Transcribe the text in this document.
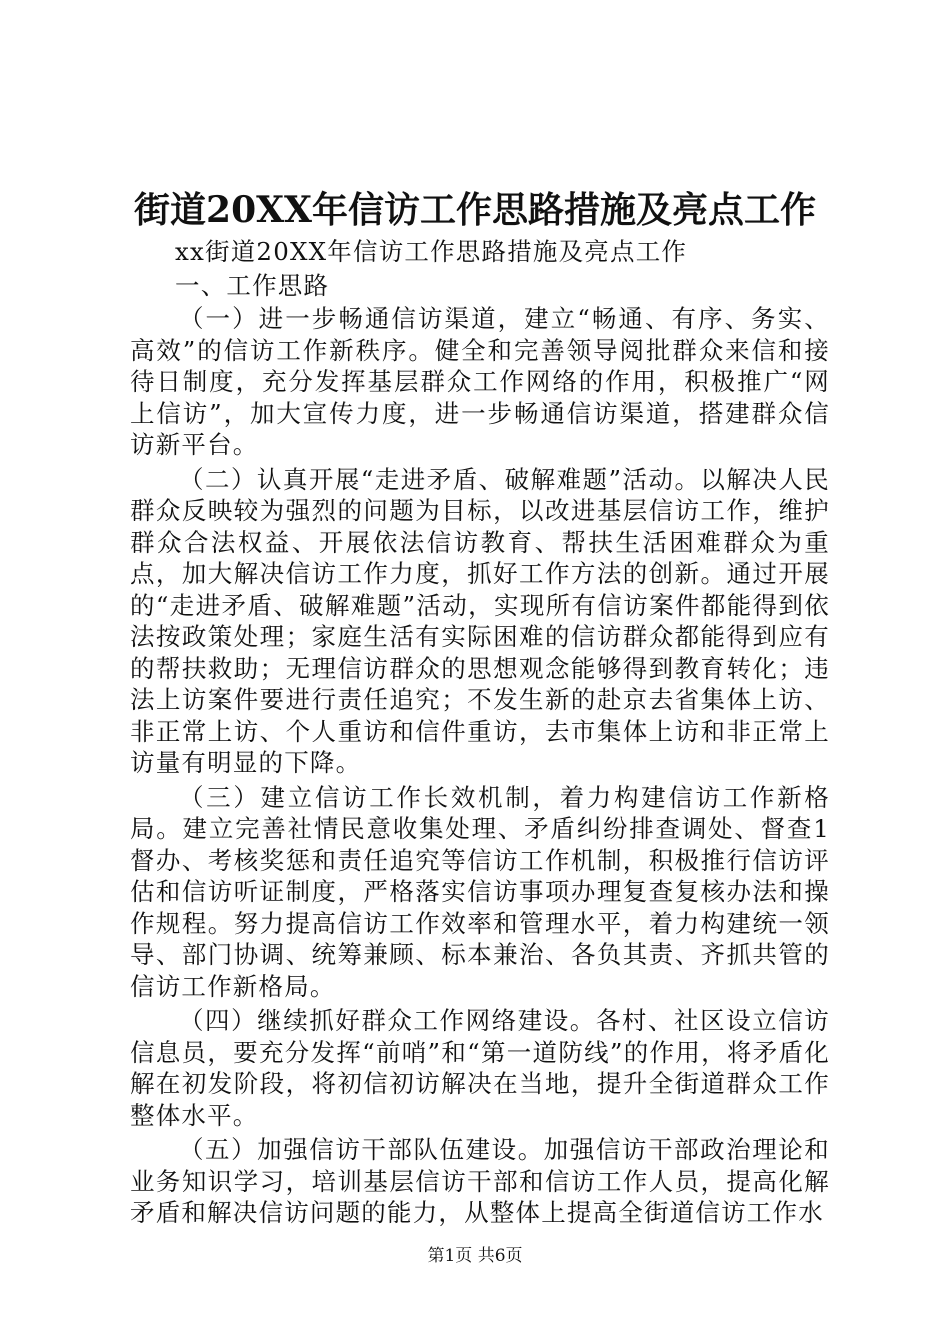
街道20XX年信访工作思路措施及亮点工作

xx街道20XX年信访工作思路措施及亮点工作

一、工作思路

（一）进一步畅通信访渠道，建立“畅通、有序、务实、高效”的信访工作新秩序。健全和完善领导阅批群众来信和接待日制度，充分发挥基层群众工作网络的作用，积极推广“网上信访”，加大宣传力度，进一步畅通信访渠道，搭建群众信访新平台。

（二）认真开展“走进矛盾、破解难题”活动。以解决人民群众反映较为强烈的问题为目标，以改进基层信访工作，维护群众合法权益、开展依法信访教育、帮扶生活困难群众为重点，加大解决信访工作力度，抓好工作方法的创新。通过开展的“走进矛盾、破解难题”活动，实现所有信访案件都能得到依法按政策处理；家庭生活有实际困难的信访群众都能得到应有的帮扶救助；无理信访群众的思想观念能够得到教育转化；违法上访案件要进行责任追究；不发生新的赴京去省集体上访、非正常上访、个人重访和信件重访，去市集体上访和非正常上访量有明显的下降。

（三）建立信访工作长效机制，着力构建信访工作新格局。建立完善社情民意收集处理、矛盾纠纷排查调处、督查1督办、考核奖惩和责任追究等信访工作机制，积极推行信访评估和信访听证制度，严格落实信访事项办理复查复核办法和操作规程。努力提高信访工作效率和管理水平，着力构建统一领导、部门协调、统筹兼顾、标本兼治、各负其责、齐抓共管的信访工作新格局。

（四）继续抓好群众工作网络建设。各村、社区设立信访信息员，要充分发挥“前哨”和“第一道防线”的作用，将矛盾化解在初发阶段，将初信初访解决在当地，提升全街道群众工作整体水平。

（五）加强信访干部队伍建设。加强信访干部政治理论和业务知识学习，培训基层信访干部和信访工作人员，提高化解矛盾和解决信访问题的能力，从整体上提高全街道信访工作水

第1页 共6页
